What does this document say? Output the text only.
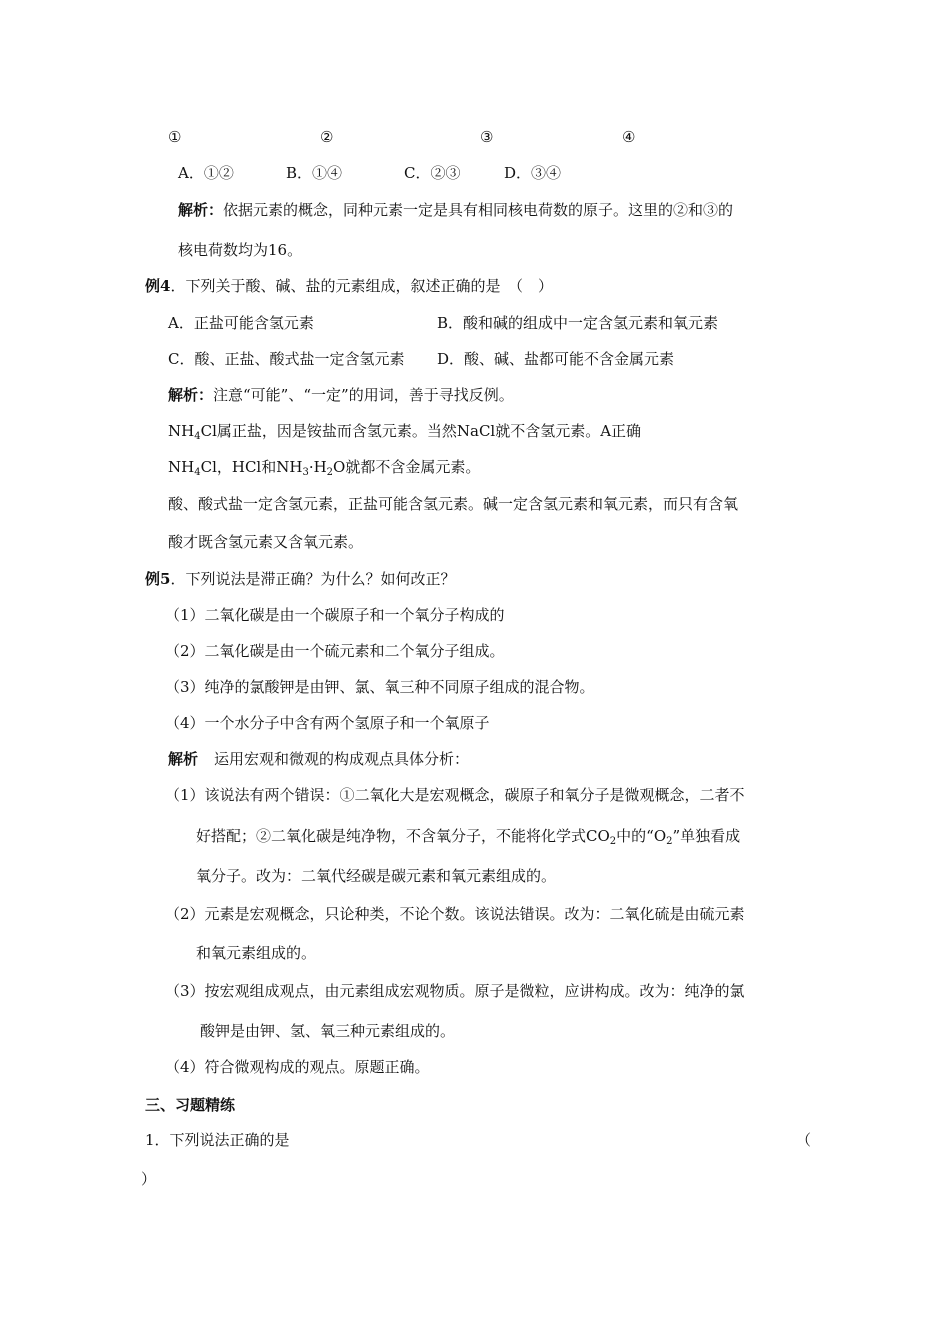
①	②	③	④
A．①②	B．①④	C．②③	D．③④
解析：依据元素的概念，同种元素一定是具有相同核电荷数的原子。这里的②和③的
核电荷数均为16。
例4．下列关于酸、碱、盐的元素组成，叙述正确的是　（　）
A．正盐可能含氢元素	B．酸和碱的组成中一定含氢元素和氧元素
C．酸、正盐、酸式盐一定含氢元素 D．酸、碱、盐都可能不含金属元素
解析：注意“可能”、“一定”的用词，善于寻找反例。
$NH_4Cl$属正盐，因是铵盐而含氢元素。当然NaCl就不含氢元素。A正确
$NH_4Cl$，HCl和$NH_3\cdot H_2O$就都不含金属元素。
酸、酸式盐一定含氢元素，正盐可能含氢元素。碱一定含氢元素和氧元素，而只有含氧
酸才既含氢元素又含氧元素。
例5．下列说法是滞正确？为什么？如何改正？
（1）二氧化碳是由一个碳原子和一个氧分子构成的
（2）二氧化碳是由一个硫元素和二个氧分子组成。
（3）纯净的氯酸钾是由钾、氯、氧三种不同原子组成的混合物。
（4）一个水分子中含有两个氢原子和一个氧原子
解析 运用宏观和微观的构成观点具体分析：
（1）该说法有两个错误：①二氧化大是宏观概念，碳原子和氧分子是微观概念，二者不
好搭配；②二氧化碳是纯净物，不含氧分子，不能将化学式$CO_2$中的“$O_2$”单独看成
氧分子。改为：二氧代经碳是碳元素和氧元素组成的。
（2）元素是宏观概念，只论种类，不论个数。该说法错误。改为：二氧化硫是由硫元素
和氧元素组成的。
（3）按宏观组成观点，由元素组成宏观物质。原子是微粒，应讲构成。改为：纯净的氯
酸钾是由钾、氢、氧三种元素组成的。
（4）符合微观构成的观点。原题正确。
三、习题精练
1．下列说法正确的是	（
）
